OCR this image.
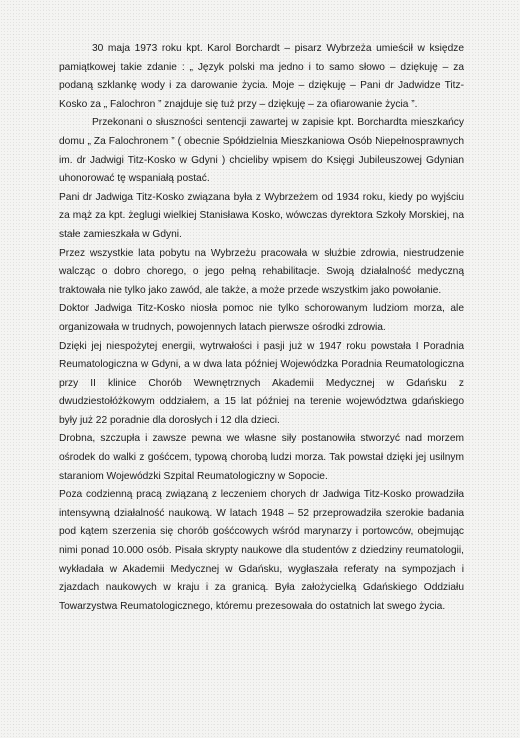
30 maja 1973 roku kpt. Karol Borchardt – pisarz Wybrzeża umieścił w księdze pamiątkowej takie zdanie : „ Język polski ma jedno i to samo słowo – dziękuję – za podaną szklankę wody i za darowanie życia. Moje – dziękuję – Pani dr Jadwidze Titz-Kosko za „ Falochron ” znajduje się tuż przy – dziękuję – za ofiarowanie życia ”.

Przekonani o słuszności sentencji zawartej w zapisie kpt. Borchardta mieszkańcy domu „ Za Falochronem ” ( obecnie Spółdzielnia Mieszkaniowa Osób Niepełnosprawnych im. dr Jadwigi Titz-Kosko w Gdyni ) chcieliby wpisem do Księgi Jubileuszowej Gdynian uhonorować tę wspaniałą postać.

Pani dr Jadwiga Titz-Kosko związana była z Wybrzeżem od 1934 roku, kiedy po wyjściu za mąż za kpt. żeglugi wielkiej Stanisława Kosko, wówczas dyrektora Szkoły Morskiej, na stałe zamieszkała w Gdyni.

Przez wszystkie lata pobytu na Wybrzeżu pracowała w służbie zdrowia, niestrudzenie walcząc o dobro chorego, o jego pełną rehabilitacje. Swoją działalność medyczną traktowała nie tylko jako zawód, ale także, a może przede wszystkim jako powołanie.

Doktor Jadwiga Titz-Kosko niosła pomoc nie tylko schorowanym ludziom morza, ale organizowała w trudnych, powojennych latach pierwsze ośrodki zdrowia.

Dzięki jej niespożytej energii, wytrwałości i pasji już w 1947 roku powstała I Poradnia Reumatologiczna w Gdyni, a w dwa lata później Wojewódzka Poradnia Reumatologiczna przy II klinice Chorób Wewnętrznych Akademii Medycznej w Gdańsku z dwudziestołóżkowym oddziałem, a 15 lat później na terenie województwa gdańskiego były już 22 poradnie dla dorosłych i 12 dla dzieci.

Drobna, szczupła i zawsze pewna we własne siły postanowiła stworzyć nad morzem ośrodek do walki z gośćcem, typową chorobą ludzi morza. Tak powstał dzięki jej usilnym staraniom Wojewódzki Szpital Reumatologiczny w Sopocie.

Poza codzienną pracą związaną z leczeniem chorych dr Jadwiga Titz-Kosko prowadziła intensywną działalność naukową. W latach 1948 – 52 przeprowadziła szerokie badania pod kątem szerzenia się chorób gośćcowych wśród marynarzy i portowców, obejmując nimi ponad 10.000 osób. Pisała skrypty naukowe dla studentów z dziedziny reumatologii, wykładała w Akademii Medycznej w Gdańsku, wygłaszała referaty na sympozjach i zjazdach naukowych w kraju i za granicą. Była założycielką Gdańskiego Oddziału Towarzystwa Reumatologicznego, któremu prezesowała do ostatnich lat swego życia.
